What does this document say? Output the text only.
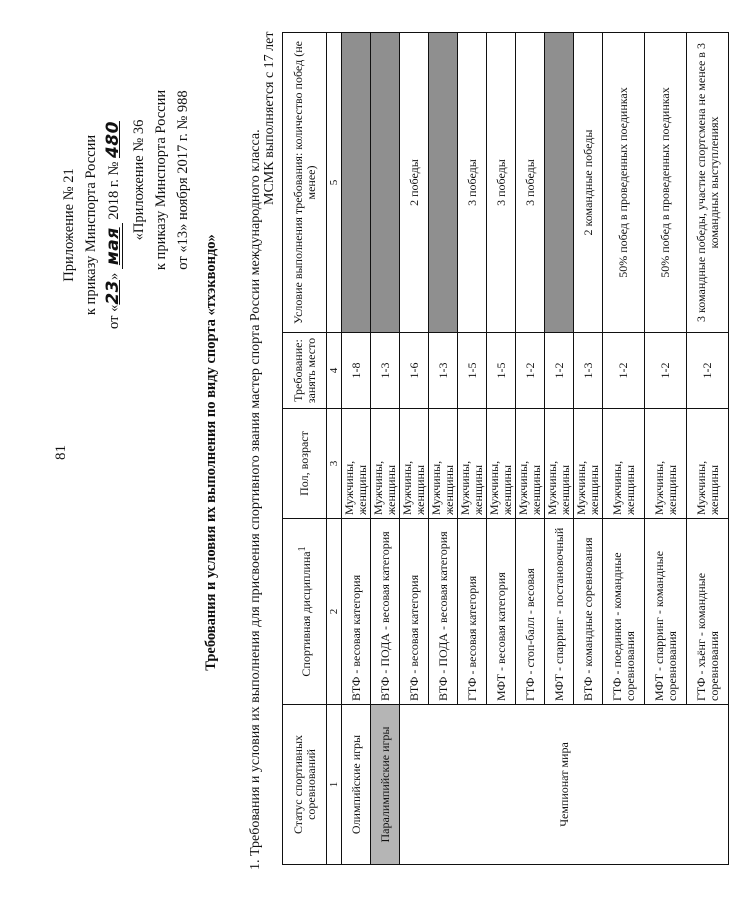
81
Приложение № 21 к приказу Минспорта России
от «23» мая 2018 г. № 480 «Приложение № 36 к приказу Минспорта России от «13» ноября 2017 г. № 988
Требования и условия их выполнения по виду спорта «тхэквондо» 1. Требования и условия их выполнения для присвоения спортивного звания мастер спорта России международного класса.
МСМК выполняется с 17 лет
Статус спортивных соревнований	Спортивная дисциплина$^1$	Пол, возраст	Требование: занять место	Условие выполнения требования: количество побед (не менее)
1	2	3	4	5
Олимпийские игры	ВТФ - весовая категория	Мужчины, женщины	1-8	
Паралимпийские игры	ВТФ - ПОДА - весовая категория	Мужчины, женщины	1-3	
Чемпионат мира	ВТФ - весовая категория	Мужчины, женщины	1-6	2 победы
	ВТФ - ПОДА - весовая категория	Мужчины, женщины	1-3	
	ГТФ - весовая категория	Мужчины, женщины	1-5	3 победы
	МФТ - весовая категория	Мужчины, женщины	1-5	3 победы
	ГТФ - стоп-балл - весовая	Мужчины, женщины	1-2	3 победы
	МФТ - спарринг - постановочный	Мужчины, женщины	1-2	
	ВТФ - командные соревнования	Мужчины, женщины	1-3	2 командные победы
	ГТФ - поединки - командные соревнования	Мужчины, женщины	1-2	50% побед в проведенных поединках
	МФТ - спарринг - командные соревнования	Мужчины, женщины	1-2	50% побед в проведенных поединках
	ГТФ - хъёнг - командные соревнования	Мужчины, женщины	1-2	3 командные победы, участие спортсмена не менее в 3 командных выступлениях
